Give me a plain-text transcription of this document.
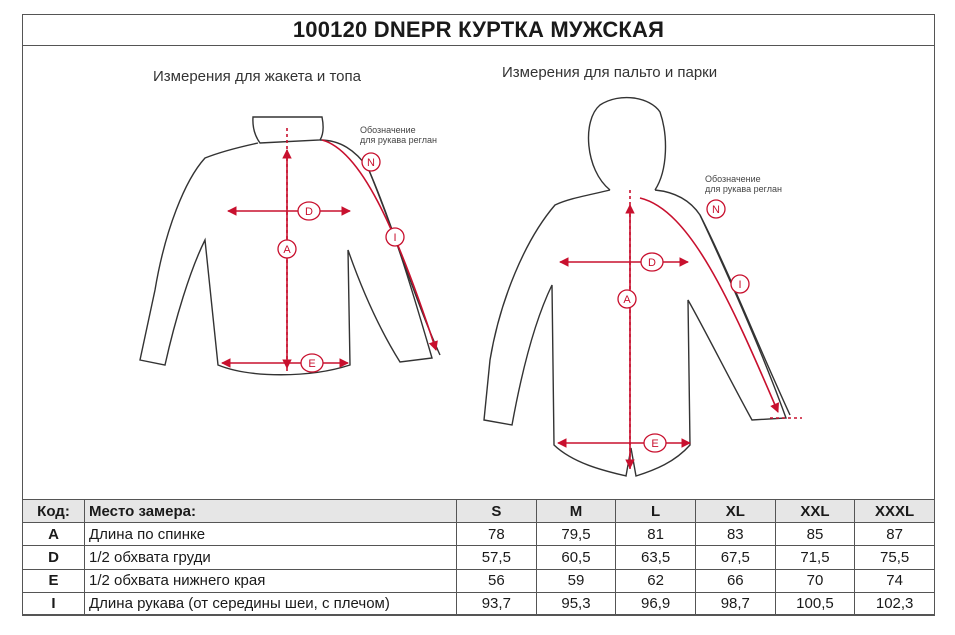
100120 DNEPR КУРТКА МУЖСКАЯ
Измерения для жакета и топа	Измерения для пальто и парки
Обозначение
для рукава реглан
Обозначение
для рукава реглан
A
D
E
N
I
A
D
E
N
I
Код:	Место замера:	S	M	L	XL	XXL	XXXL
A	Длина по спинке	78	79,5	81	83	85	87
D	1/2 обхвата груди	57,5	60,5	63,5	67,5	71,5	75,5
E	1/2 обхвата нижнего края	56	59	62	66	70	74
I	Длина рукава (от середины шеи, с плечом)	93,7	95,3	96,9	98,7	100,5	102,3
